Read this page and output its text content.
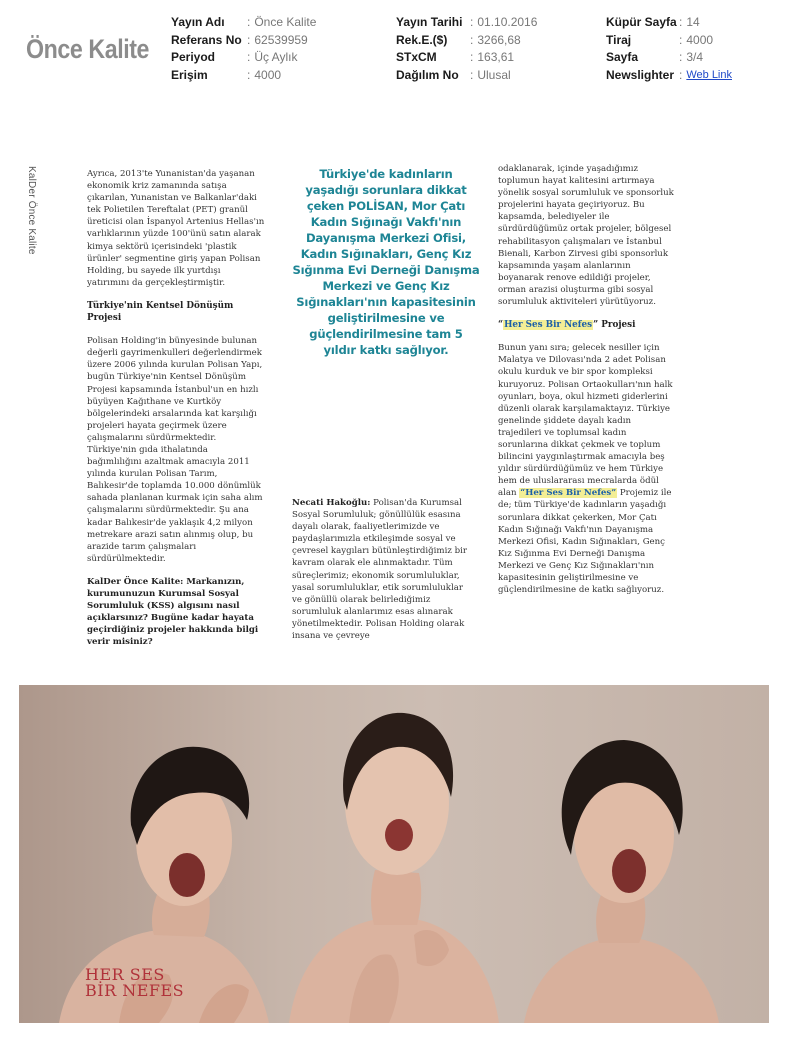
Önce Kalite
Yayın Adı	: Önce Kalite
Referans No : 62539959
Periyod	: Üç Aylık
Erişim	: 4000
Yayın Tarihi : 01.10.2016
Rek.E.($)	: 3266,68
STxCM	: 163,61
Dağılım No : Ulusal
Küpür Sayfa : 14
Tiraj	: 4000
Sayfa	: 3/4
Newslighter : Web Link
KalDer Önce Kalite	Ayrıca, 2013'te Yunanistan'da yaşanan ekonomik kriz zamanında satışa çıkarılan, Yunanistan ve Balkanlar'daki tek Polietilen Tereftalat (PET) granül üreticisi olan İspanyol Artenius Hellas'ın varlıklarının yüzde 100'ünü satın alarak kimya sektörü içerisindeki 'plastik ürünler' segmentine giriş yapan Polisan Holding, bu sayede ilk yurtdışı yatırımını da gerçekleştirmiştir.

Türkiye'nin Kentsel Dönüşüm Projesi

Polisan Holding'in bünyesinde bulunan değerli gayrimenkulleri değerlendirmek üzere 2006 yılında kurulan Polisan Yapı, bugün Türkiye'nin Kentsel Dönüşüm Projesi kapsamında İstanbul'un en hızlı büyüyen Kağıthane ve Kurtköy bölgelerindeki arsalarında kat karşılığı projeleri hayata geçirmek üzere çalışmalarını sürdürmektedir. Türkiye'nin gıda ithalatında bağımlılığını azaltmak amacıyla 2011 yılında kurulan Polisan Tarım, Balıkesir'de toplamda 10.000 dönümlük sahada planlanan kurmak için saha alım çalışmalarını sürdürmektedir. Şu ana kadar Balıkesir'de yaklaşık 4,2 milyon metrekare arazi satın alınmış olup, bu arazide tarım çalışmaları sürdürülmektedir.

KalDer Önce Kalite: Markanızın, kurumunuzun Kurumsal Sosyal Sorumluluk (KSS) algısını nasıl açıklarsınız? Bugüne kadar hayata geçirdiğiniz projeler hakkında bilgi verir misiniz?

Türkiye'de kadınların yaşadığı sorunlara dikkat çeken POLİSAN, Mor Çatı Kadın Sığınağı Vakfı'nın Dayanışma Merkezi Ofisi, Kadın Sığınakları, Genç Kız Sığınma Evi Derneği Danışma Merkezi ve Genç Kız Sığınakları'nın kapasitesinin geliştirilmesine ve güçlendirilmesine tam 5 yıldır katkı sağlıyor.

Necati Hakoğlu: Polisan'da Kurumsal Sosyal Sorumluluk; gönüllülük esasına dayalı olarak, faaliyetlerimizde ve paydaşlarımızla etkileşimde sosyal ve çevresel kaygıları bütünleştirdiğimiz bir kavram olarak ele alınmaktadır. Tüm süreçlerimiz; ekonomik sorumluluklar, yasal sorumluluklar, etik sorumluluklar ve gönüllü olarak belirlediğimiz sorumluluk alanlarımız esas alınarak yönetilmektedir. Polisan Holding olarak insana ve çevreye

odaklanarak, içinde yaşadığımız toplumun hayat kalitesini artırmaya yönelik sosyal sorumluluk ve sponsorluk projelerini hayata geçiriyoruz. Bu kapsamda, belediyeler ile sürdürdüğümüz ortak projeler, bölgesel rehabilitasyon çalışmaları ve İstanbul Bienali, Karbon Zirvesi gibi sponsorluk kapsamında yaşam alanlarının boyanarak renove edildiği projeler, orman arazisi oluşturma gibi sosyal sorumluluk aktiviteleri yürütüyoruz.

“Her Ses Bir Nefes” Projesi

Bunun yanı sıra; gelecek nesiller için Malatya ve Dilovası'nda 2 adet Polisan okulu kurduk ve bir spor kompleksi kuruyoruz. Polisan Ortaokulları'nın halk oyunları, boya, okul hizmeti giderlerini düzenli olarak karşılamaktayız. Türkiye genelinde şiddete dayalı kadın trajedileri ve toplumsal kadın sorunlarına dikkat çekmek ve toplum bilincini yaygınlaştırmak amacıyla beş yıldır sürdürdüğümüz ve hem Türkiye hem de uluslararası mecralarda ödül alan “Her Ses Bir Nefes” Projemiz ile de; tüm Türkiye'de kadınların yaşadığı sorunlara dikkat çekerken, Mor Çatı Kadın Sığınağı Vakfı'nın Dayanışma Merkezi Ofisi, Kadın Sığınakları, Genç Kız Sığınma Evi Derneği Danışma Merkezi ve Genç Kız Sığınakları'nın kapasitesinin geliştirilmesine ve güçlendirilmesine de katkı sağlıyoruz.

HER SES
BİR NEFES
